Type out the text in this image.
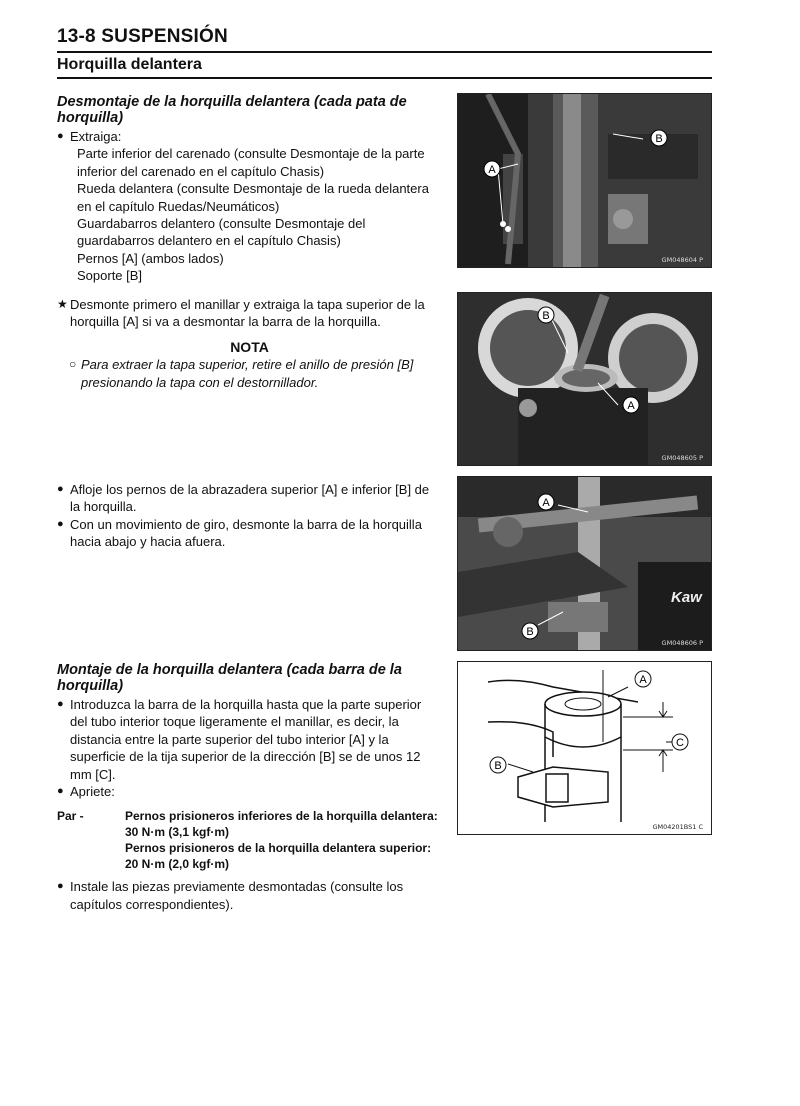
13-8 SUSPENSIÓN
Horquilla delantera
Desmontaje de la horquilla delantera (cada pata de horquilla)
● Extraiga:
Parte inferior del carenado (consulte Desmontaje de la parte inferior del carenado en el capítulo Chasis)
Rueda delantera (consulte Desmontaje de la rueda delantera en el capítulo Ruedas/Neumáticos)
Guardabarros delantero (consulte Desmontaje del guardabarros delantero en el capítulo Chasis)
Pernos [A] (ambos lados)
Soporte [B]
★ Desmonte primero el manillar y extraiga la tapa superior de la horquilla [A] si va a desmontar la barra de la horquilla.
NOTA
○ Para extraer la tapa superior, retire el anillo de presión [B] presionando la tapa con el destornillador.
● Afloje los pernos de la abrazadera superior [A] e inferior [B] de la horquilla.
● Con un movimiento de giro, desmonte la barra de la horquilla hacia abajo y hacia afuera.
Montaje de la horquilla delantera (cada barra de la horquilla)
● Introduzca la barra de la horquilla hasta que la parte superior del tubo interior toque ligeramente el manillar, es decir, la distancia entre la parte superior del tubo interior [A] y la superficie de la tija superior de la dirección [B] se de unos 12 mm [C].
● Apriete:
Par -	Pernos prisioneros inferiores de la horquilla delantera: 30 N·m (3,1 kgf·m)
Pernos prisioneros de la horquilla delantera superior: 20 N·m (2,0 kgf·m)
● Instale las piezas previamente desmontadas (consulte los capítulos correspondientes).
A
B
GM048604 P
B
A
GM048605 P
Kaw
A
B
GM048606 P
A
B
C
GM04201BS1 C
